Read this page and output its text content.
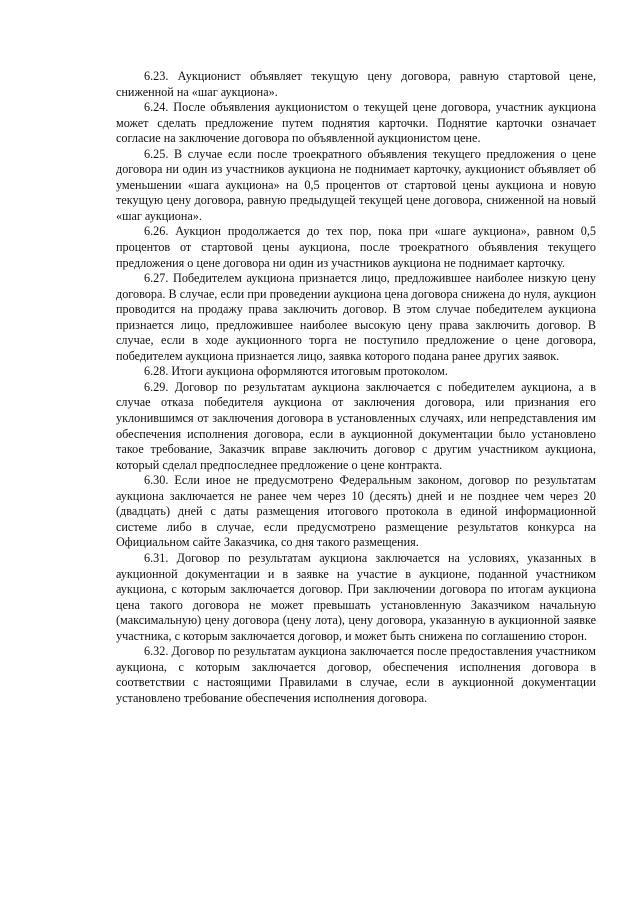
6.23. Аукционист объявляет текущую цену договора, равную стартовой цене, сниженной на «шаг аукциона».

6.24. После объявления аукционистом о текущей цене договора, участник аукциона может сделать предложение путем поднятия карточки. Поднятие карточки означает согласие на заключение договора по объявленной аукционистом цене.

6.25. В случае если после троекратного объявления текущего предложения о цене договора ни один из участников аукциона не поднимает карточку, аукционист объявляет об уменьшении «шага аукциона» на 0,5 процентов от стартовой цены аукциона и новую текущую цену договора, равную предыдущей текущей цене договора, сниженной на новый «шаг аукциона».

6.26. Аукцион продолжается до тех пор, пока при «шаге аукциона», равном 0,5 процентов от стартовой цены аукциона, после троекратного объявления текущего предложения о цене договора ни один из участников аукциона не поднимает карточку.

6.27. Победителем аукциона признается лицо, предложившее наиболее низкую цену договора. В случае, если при проведении аукциона цена договора снижена до нуля, аукцион проводится на продажу права заключить договор. В этом случае победителем аукциона признается лицо, предложившее наиболее высокую цену права заключить договор. В случае, если в ходе аукционного торга не поступило предложение о цене договора, победителем аукциона признается лицо, заявка которого подана ранее других заявок.

6.28. Итоги аукциона оформляются итоговым протоколом.

6.29. Договор по результатам аукциона заключается с победителем аукциона, а в случае отказа победителя аукциона от заключения договора, или признания его уклонившимся от заключения договора в установленных случаях, или непредставления им обеспечения исполнения договора, если в аукционной документации было установлено такое требование, Заказчик вправе заключить договор с другим участником аукциона, который сделал предпоследнее предложение о цене контракта.

6.30. Если иное не предусмотрено Федеральным законом, договор по результатам аукциона заключается не ранее чем через 10 (десять) дней и не позднее чем через 20 (двадцать) дней с даты размещения итогового протокола в единой информационной системе либо в случае, если предусмотрено размещение результатов конкурса на Официальном сайте Заказчика, со дня такого размещения.

6.31. Договор по результатам аукциона заключается на условиях, указанных в аукционной документации и в заявке на участие в аукционе, поданной участником аукциона, с которым заключается договор. При заключении договора по итогам аукциона цена такого договора не может превышать установленную Заказчиком начальную (максимальную) цену договора (цену лота), цену договора, указанную в аукционной заявке участника, с которым заключается договор, и может быть снижена по соглашению сторон.

6.32. Договор по результатам аукциона заключается после предоставления участником аукциона, с которым заключается договор, обеспечения исполнения договора в соответствии с настоящими Правилами в случае, если в аукционной документации установлено требование обеспечения исполнения договора.
